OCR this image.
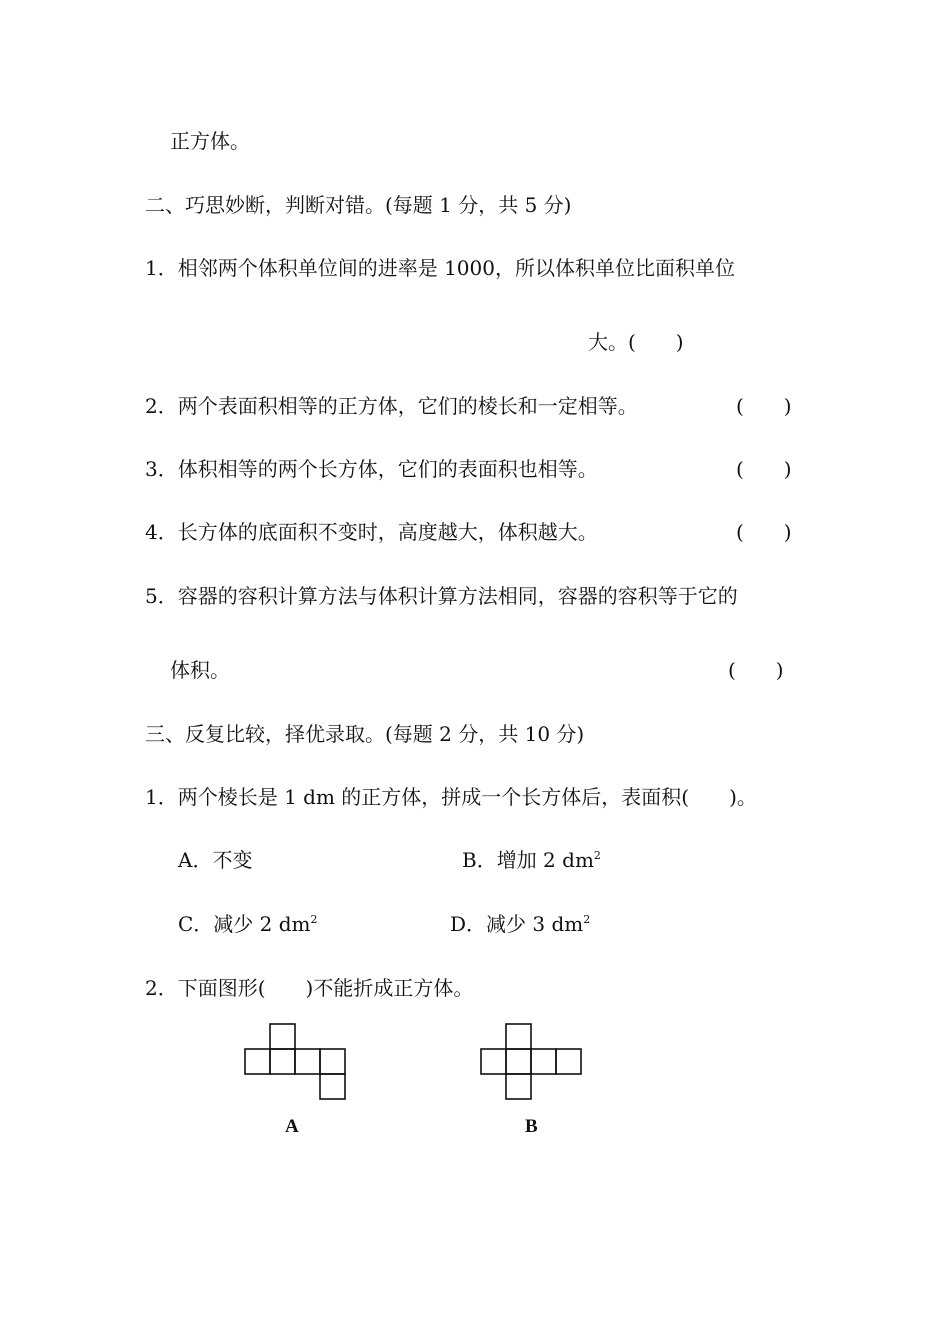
正方体。
二、巧思妙断，判断对错。(每题 1 分，共 5 分)
1．相邻两个体积单位间的进率是 1000，所以体积单位比面积单位
大。(　　)
2．两个表面积相等的正方体，它们的棱长和一定相等。	(　　)
3．体积相等的两个长方体，它们的表面积也相等。	(　　)
4．长方体的底面积不变时，高度越大，体积越大。	(　　)
5．容器的容积计算方法与体积计算方法相同，容器的容积等于它的
体积。	(　　)
三、反复比较，择优录取。(每题 2 分，共 10 分)
1．两个棱长是 1 dm 的正方体，拼成一个长方体后，表面积(　　)。
A．不变	B．增加 2 $dm^2$
C．减少 2 $dm^2$	D．减少 3 $dm^2$
2．下面图形(　　)不能折成正方体。
A	B
